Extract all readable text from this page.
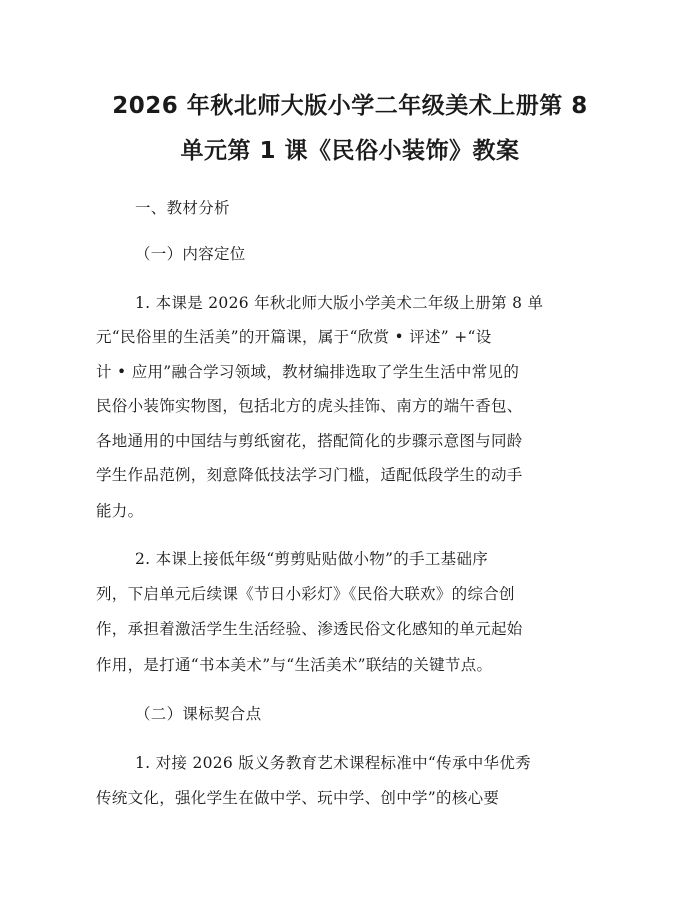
2026 年秋北师大版小学二年级美术上册第 8
单元第 1 课《民俗小装饰》教案
一、教材分析
（一）内容定位
1. 本课是 2026 年秋北师大版小学美术二年级上册第 8 单
元“民俗里的生活美”的开篇课，属于“欣赏 • 评述” +“设
计 • 应用”融合学习领域，教材编排选取了学生生活中常见的
民俗小装饰实物图，包括北方的虎头挂饰、南方的端午香包、
各地通用的中国结与剪纸窗花，搭配简化的步骤示意图与同龄
学生作品范例，刻意降低技法学习门槛，适配低段学生的动手
能力。
2. 本课上接低年级“剪剪贴贴做小物”的手工基础序
列，下启单元后续课《节日小彩灯》《民俗大联欢》的综合创
作，承担着激活学生生活经验、渗透民俗文化感知的单元起始
作用，是打通“书本美术”与“生活美术”联结的关键节点。
（二）课标契合点
1. 对接 2026 版义务教育艺术课程标准中“传承中华优秀
传统文化，强化学生在做中学、玩中学、创中学”的核心要
